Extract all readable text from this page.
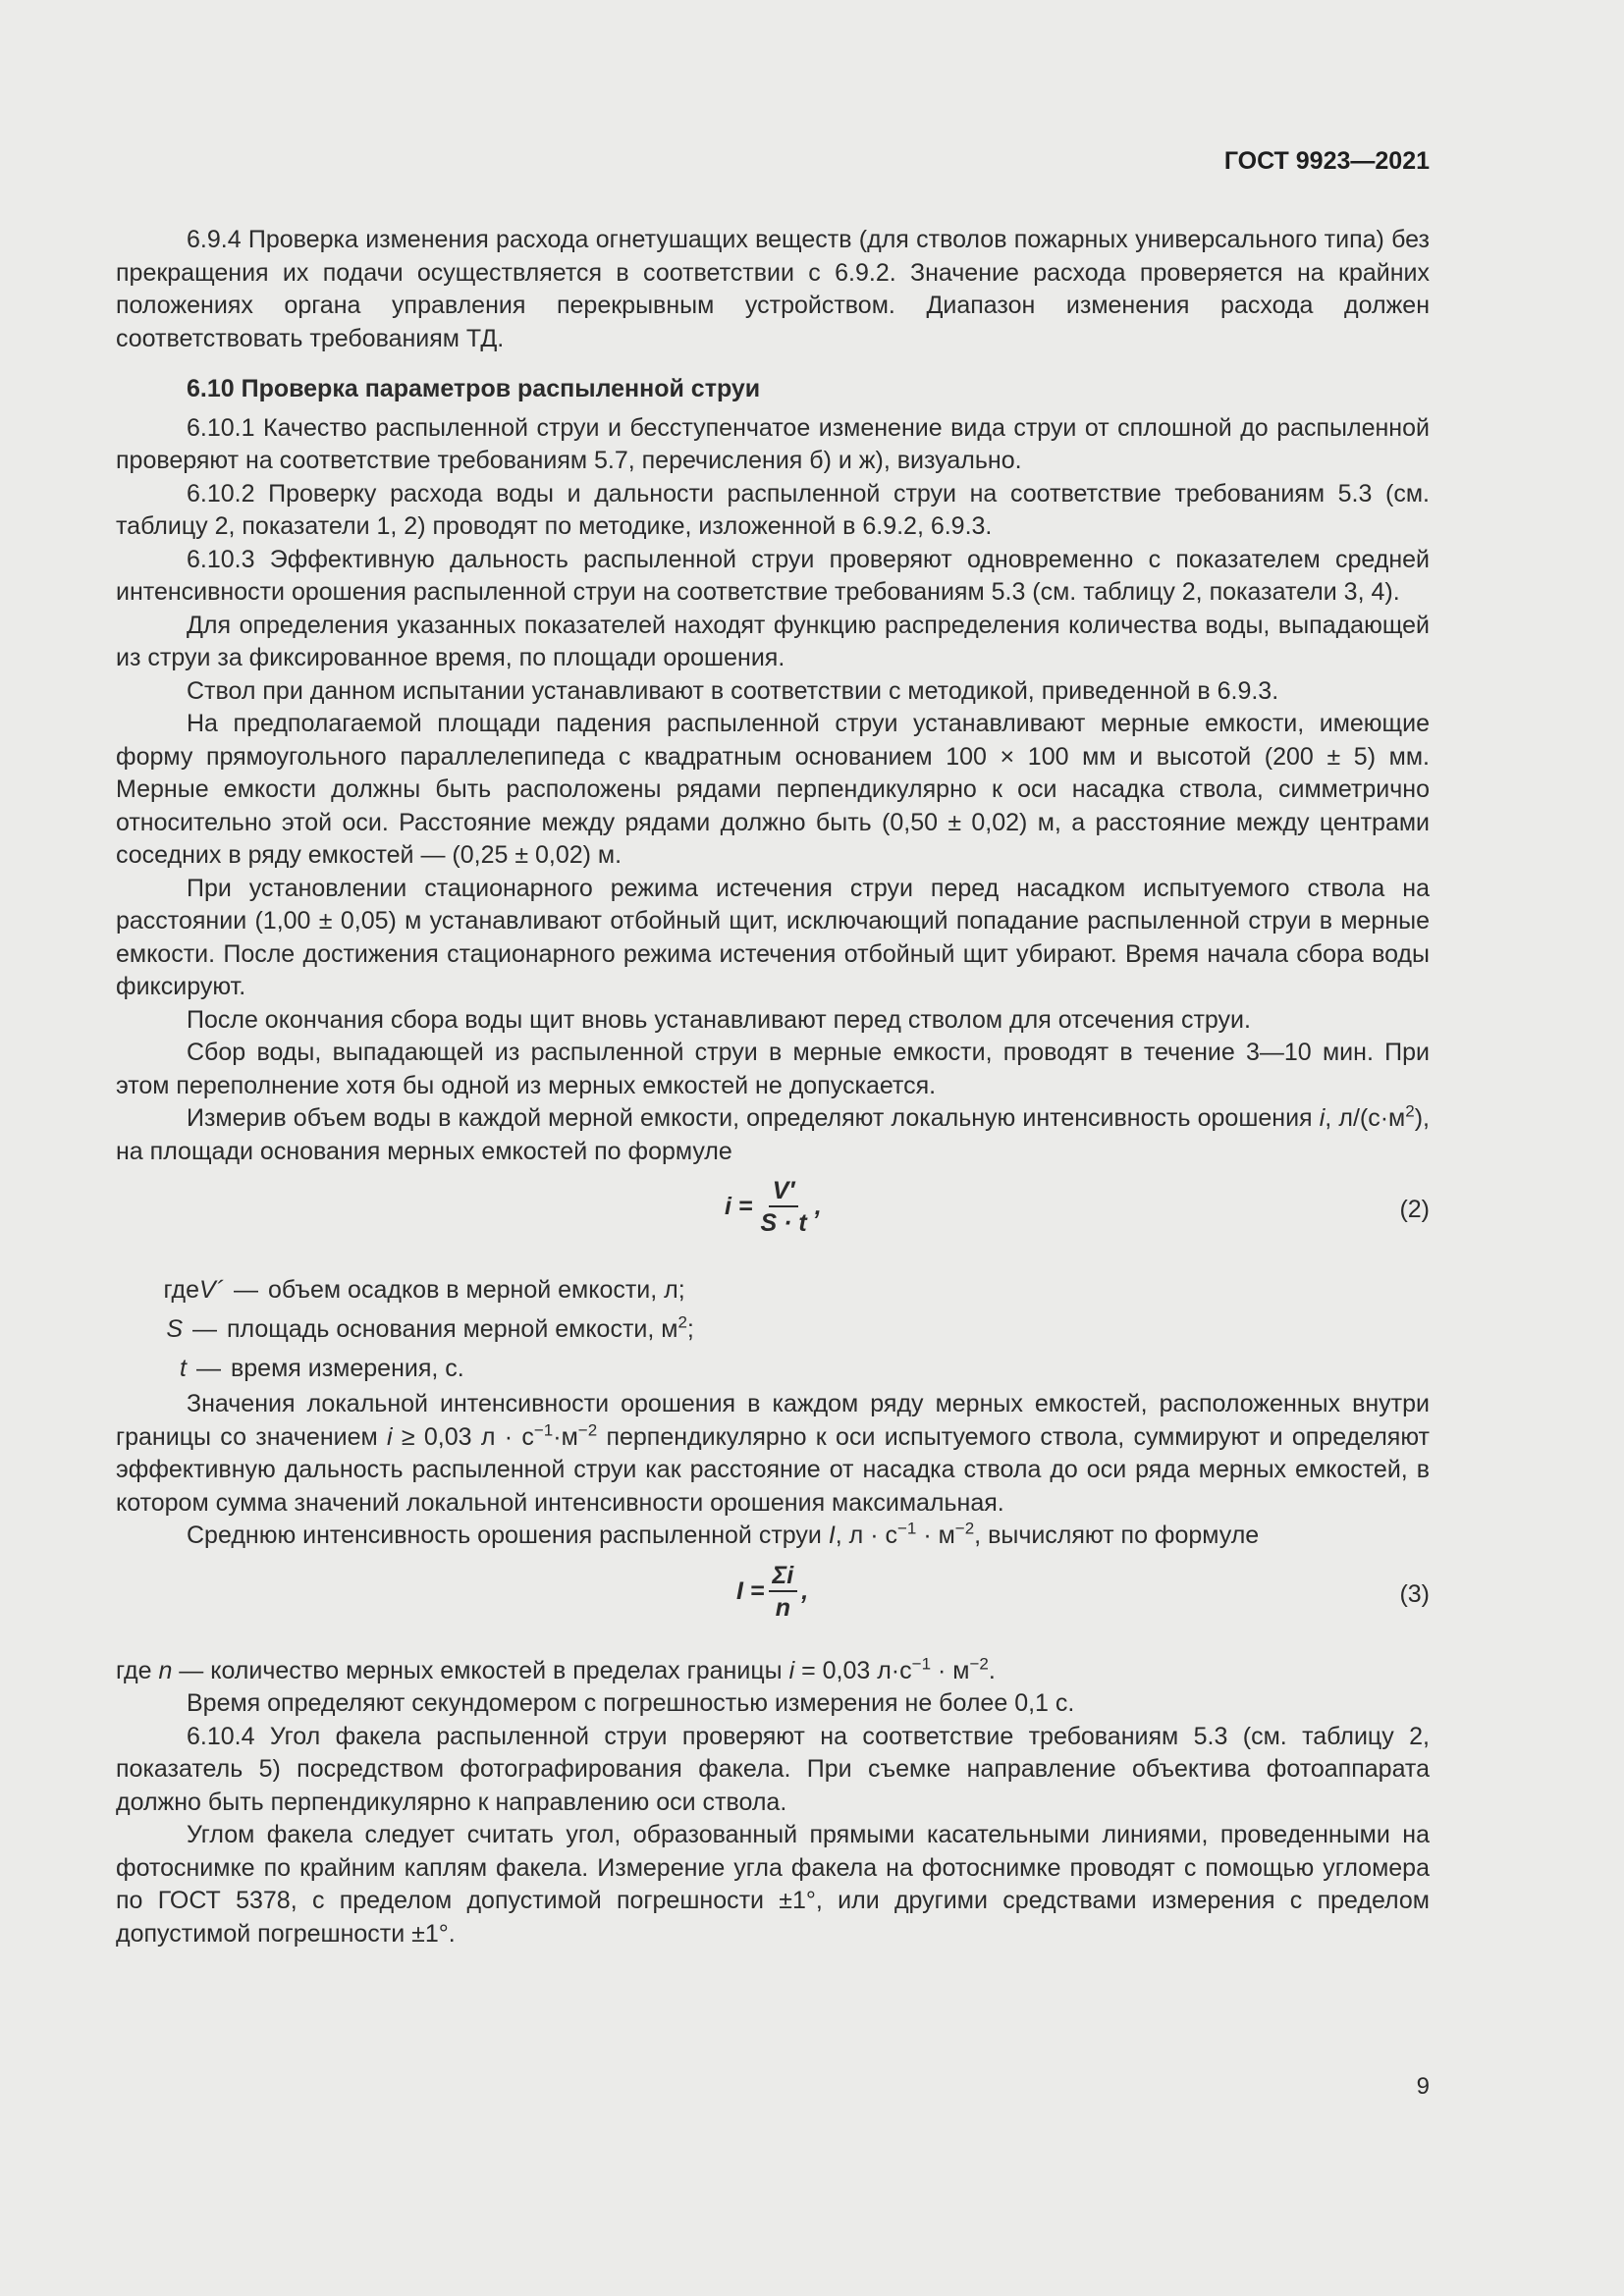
ГОСТ 9923—2021

6.9.4 Проверка изменения расхода огнетушащих веществ (для стволов пожарных универсального типа) без прекращения их подачи осуществляется в соответствии с 6.9.2. Значение расхода проверяется на крайних положениях органа управления перекрывным устройством. Диапазон изменения расхода должен соответствовать требованиям ТД.

6.10 Проверка параметров распыленной струи

6.10.1 Качество распыленной струи и бесступенчатое изменение вида струи от сплошной до распыленной проверяют на соответствие требованиям 5.7, перечисления б) и ж), визуально.

6.10.2 Проверку расхода воды и дальности распыленной струи на соответствие требованиям 5.3 (см. таблицу 2, показатели 1, 2) проводят по методике, изложенной в 6.9.2, 6.9.3.

6.10.3 Эффективную дальность распыленной струи проверяют одновременно с показателем средней интенсивности орошения распыленной струи на соответствие требованиям 5.3 (см. таблицу 2, показатели 3, 4).

Для определения указанных показателей находят функцию распределения количества воды, выпадающей из струи за фиксированное время, по площади орошения.

Ствол при данном испытании устанавливают в соответствии с методикой, приведенной в 6.9.3.

На предполагаемой площади падения распыленной струи устанавливают мерные емкости, имеющие форму прямоугольного параллелепипеда с квадратным основанием 100 × 100 мм и высотой (200 ± 5) мм. Мерные емкости должны быть расположены рядами перпендикулярно к оси насадка ствола, симметрично относительно этой оси. Расстояние между рядами должно быть (0,50 ± 0,02) м, а расстояние между центрами соседних в ряду емкостей — (0,25 ± 0,02) м.

При установлении стационарного режима истечения струи перед насадком испытуемого ствола на расстоянии (1,00 ± 0,05) м устанавливают отбойный щит, исключающий попадание распыленной струи в мерные емкости. После достижения стационарного режима истечения отбойный щит убирают. Время начала сбора воды фиксируют.

После окончания сбора воды щит вновь устанавливают перед стволом для отсечения струи.

Сбор воды, выпадающей из распыленной струи в мерные емкости, проводят в течение 3—10 мин. При этом переполнение хотя бы одной из мерных емкостей не допускается.

Измерив объем воды в каждой мерной емкости, определяют локальную интенсивность орошения i, $л/(с\cdot м^2)$, на площади основания мерных емкостей по формуле

$i = \frac{V'}{S \cdot t}$ ,	(2)
гдеV´ — объем осадков в мерной емкости, л;
S — площадь основания мерной емкости, $м^2$;
t — время измерения, с.

Значения локальной интенсивности орошения в каждом ряду мерных емкостей, расположенных внутри границы со значением i ≥ 0,03 $л \cdot с^{-1}\cdot м^{-2}$ перпендикулярно к оси испытуемого ствола, суммируют и определяют эффективную дальность распыленной струи как расстояние от насадка ствола до оси ряда мерных емкостей, в котором сумма значений локальной интенсивности орошения максимальная.

Среднюю интенсивность орошения распыленной струи I, $л \cdot с^{-1} \cdot м^{-2}$, вычисляют по формуле

$I = \frac{\Sigma i}{n}$ ,	(3)

где n — количество мерных емкостей в пределах границы i = 0,03 $л\cdot с^{-1} \cdot м^{-2}$.

Время определяют секундомером с погрешностью измерения не более 0,1 с.

6.10.4 Угол факела распыленной струи проверяют на соответствие требованиям 5.3 (см. таблицу 2, показатель 5) посредством фотографирования факела. При съемке направление объектива фотоаппарата должно быть перпендикулярно к направлению оси ствола.

Углом факела следует считать угол, образованный прямыми касательными линиями, проведенными на фотоснимке по крайним каплям факела. Измерение угла факела на фотоснимке проводят с помощью угломера по ГОСТ 5378, с пределом допустимой погрешности ±1°, или другими средствами измерения с пределом допустимой погрешности ±1°.

9
